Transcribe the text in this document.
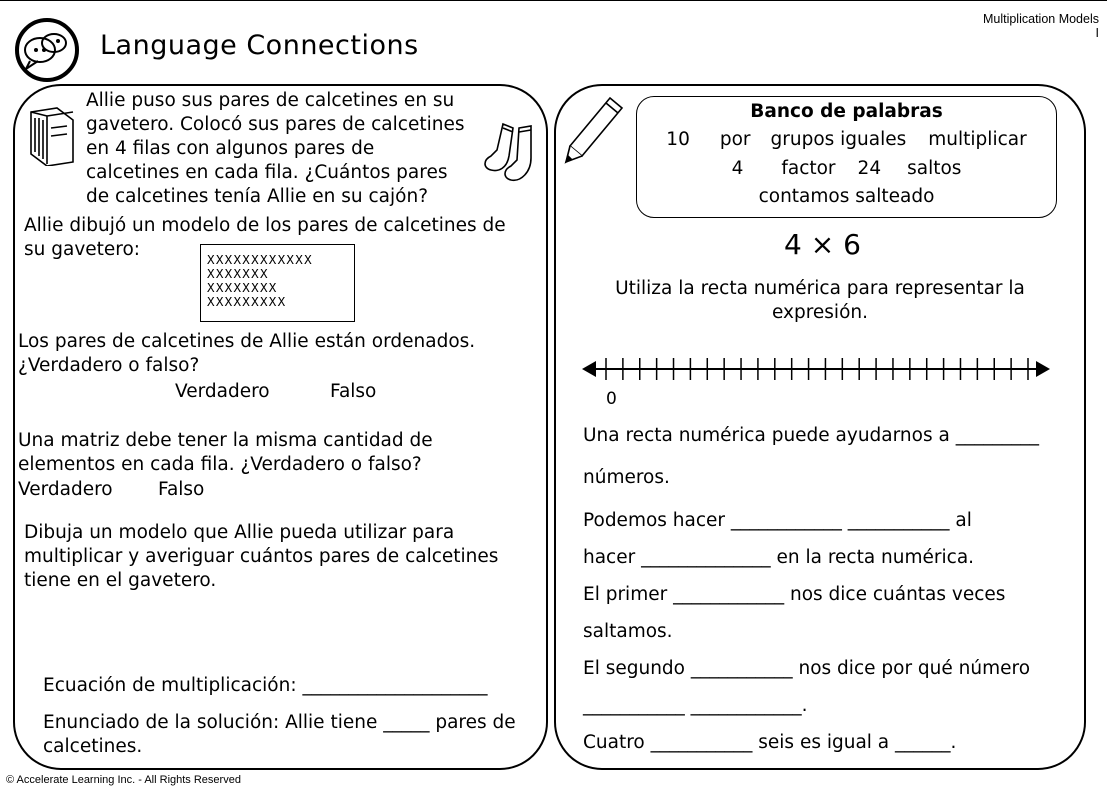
Multiplication Models
I
Language Connections
Allie puso sus pares de calcetines en su
gavetero. Colocó sus pares de calcetines
en 4 filas con algunos pares de
calcetines en cada fila. ¿Cuántos pares
de calcetines tenía Allie en su cajón?
Allie dibujó un modelo de los pares de calcetines de
su gavetero:	XXXXXXXXXXXX
XXXXXXX
XXXXXXXX
XXXXXXXXX
Los pares de calcetines de Allie están ordenados.
¿Verdadero o falso?
Verdadero	Falso
Una matriz debe tener la misma cantidad de
elementos en cada fila. ¿Verdadero o falso?
Verdadero Falso
Dibuja un modelo que Allie pueda utilizar para
multiplicar y averiguar cuántos pares de calcetines
tiene en el gavetero.
Ecuación de multiplicación: ____________________
Enunciado de la solución: Allie tiene _____ pares de
calcetines.
Banco de palabras
10 por grupos iguales multiplicar
4 factor 24 saltos
contamos salteado
4 × 6
Utiliza la recta numérica para representar la
expresión.
0
Una recta numérica puede ayudarnos a _________
números.
Podemos hacer ____________ ___________ al
hacer ______________ en la recta numérica.
El primer ____________ nos dice cuántas veces
saltamos.
El segundo ___________ nos dice por qué número
___________ ____________.
Cuatro ___________ seis es igual a ______.
© Accelerate Learning Inc. - All Rights Reserved
